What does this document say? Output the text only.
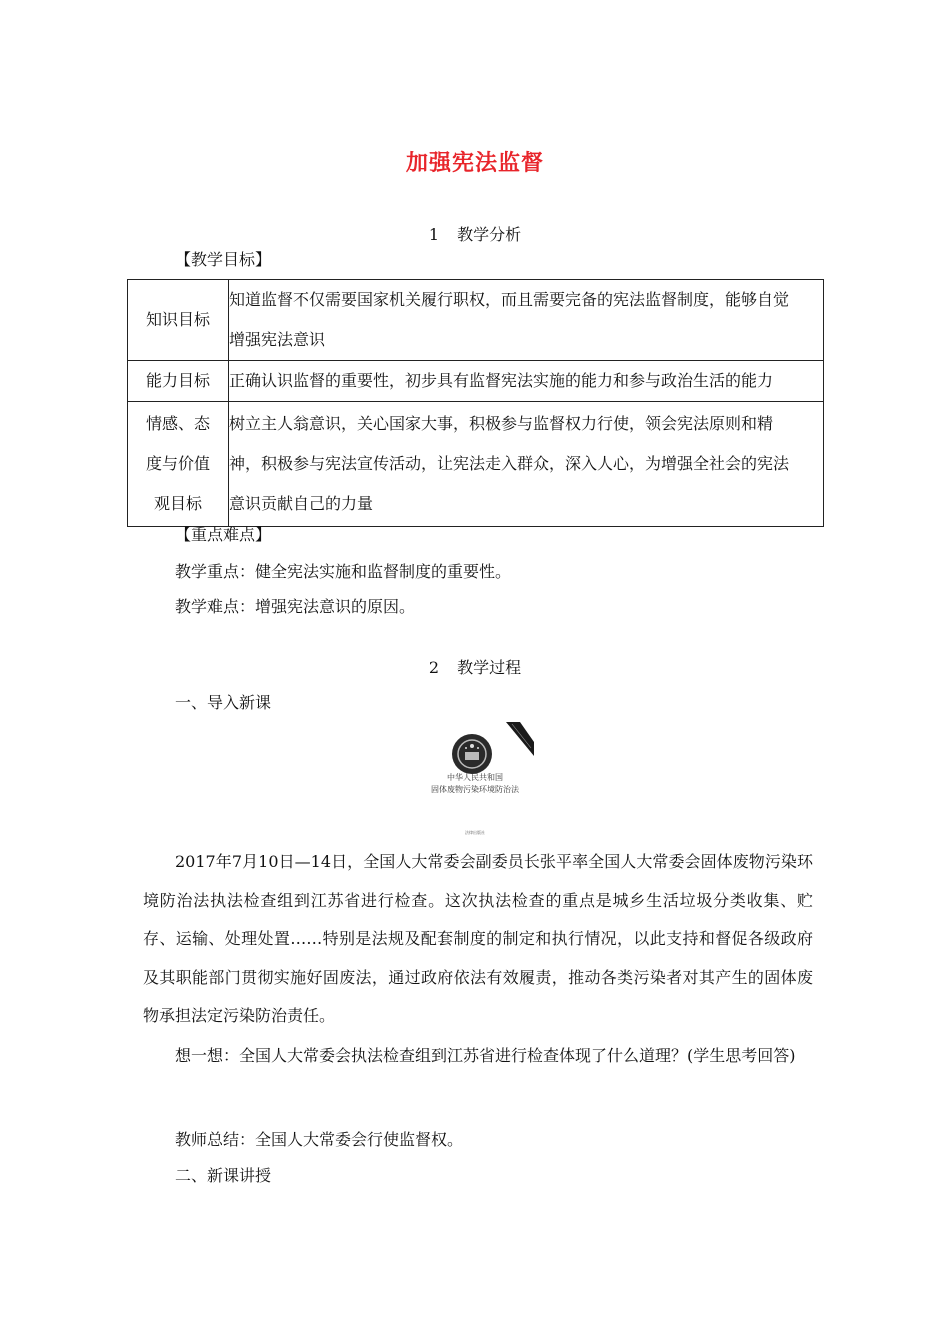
加强宪法监督
1 教学分析
【教学目标】
知识目标	知道监督不仅需要国家机关履行职权，而且需要完备的宪法监督制度，能够自觉
增强宪法意识

能力目标	正确认识监督的重要性，初步具有监督宪法实施的能力和参与政治生活的能力

情感、态
度与价值
观目标	树立主人翁意识，关心国家大事，积极参与监督权力行使，领会宪法原则和精
神，积极参与宪法宣传活动，让宪法走入群众，深入人心，为增强全社会的宪法
意识贡献自己的力量
【重点难点】
教学重点：健全宪法实施和监督制度的重要性。
教学难点：增强宪法意识的原因。
2 教学过程
一、导入新课
中华人民共和国
固体废物污染环境防治法
法律出版社
2017年7月10日—14日，全国人大常委会副委员长张平率全国人大常委会固体废物污染环境防治法执法检查组到江苏省进行检查。这次执法检查的重点是城乡生活垃圾分类收集、贮存、运输、处理处置……特别是法规及配套制度的制定和执行情况，以此支持和督促各级政府及其职能部门贯彻实施好固废法，通过政府依法有效履责，推动各类污染者对其产生的固体废物承担法定污染防治责任。
想一想：全国人大常委会执法检查组到江苏省进行检查体现了什么道理？(学生思考回答)
教师总结：全国人大常委会行使监督权。
二、新课讲授
